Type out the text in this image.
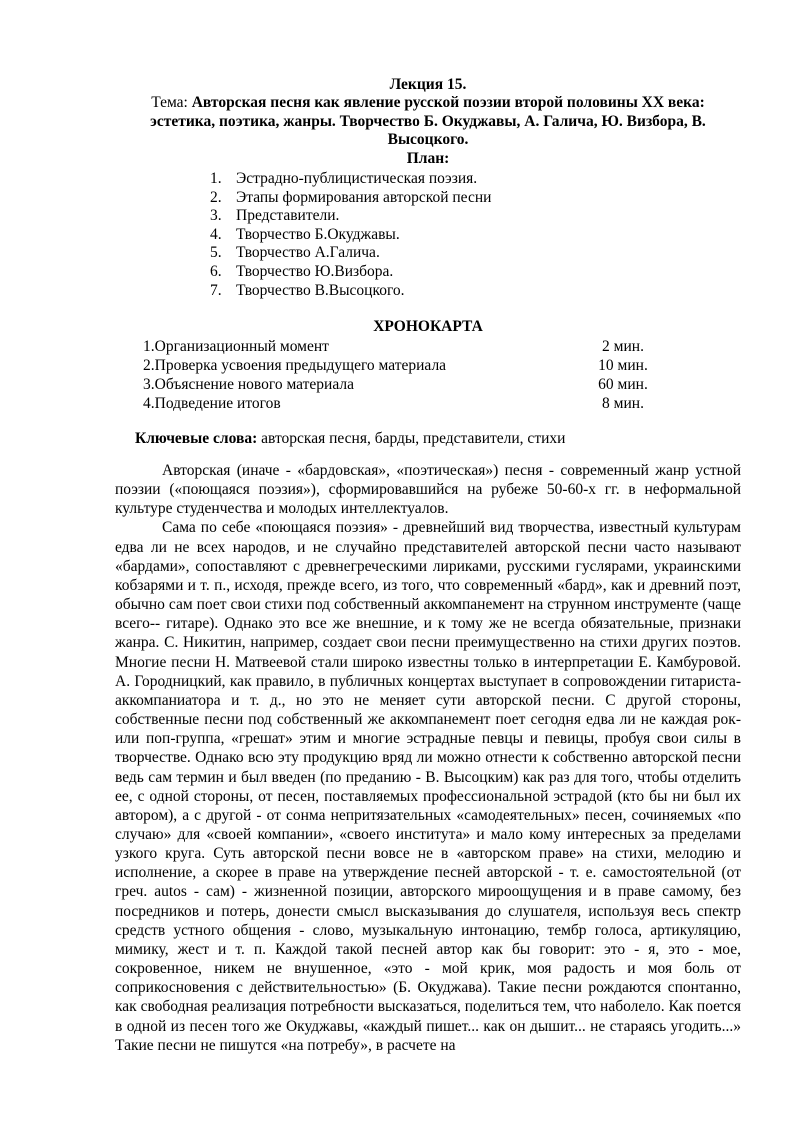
Лекция 15.
Тема: Авторская песня как явление русской поэзии второй половины XX века: эстетика, поэтика, жанры. Творчество Б. Окуджавы, А. Галича, Ю. Визбора, В. Высоцкого.
План:
1. Эстрадно-публицистическая поэзия.
2. Этапы формирования авторской песни
3. Представители.
4. Творчество Б.Окуджавы.
5. Творчество А.Галича.
6. Творчество Ю.Визбора.
7. Творчество В.Высоцкого.
ХРОНОКАРТА
1.Организационный момент	2 мин.
2.Проверка усвоения предыдущего материала	10 мин.
3.Объяснение нового материала	60 мин.
4.Подведение итогов	8 мин.
Ключевые слова: авторская песня, барды, представители, стихи

Авторская (иначе - «бардовская», «поэтическая») песня - современный жанр устной поэзии («поющаяся поэзия»), сформировавшийся на рубеже 50-60-х гг. в неформальной культуре студенчества и молодых интеллектуалов.

Сама по себе «поющаяся поэзия» - древнейший вид творчества, известный культурам едва ли не всех народов, и не случайно представителей авторской песни часто называют «бардами», сопоставляют с древнегреческими лириками, русскими гуслярами, украинскими кобзарями и т. п., исходя, прежде всего, из того, что современный «бард», как и древний поэт, обычно сам поет свои стихи под собственный аккомпанемент на струнном инструменте (чаще всего-- гитаре). Однако это все же внешние, и к тому же не всегда обязательные, признаки жанра. С. Никитин, например, создает свои песни преимущественно на стихи других поэтов. Многие песни Н. Матвеевой стали широко известны только в интерпретации Е. Камбуровой. А. Городницкий, как правило, в публичных концертах выступает в сопровождении гитариста-аккомпаниатора и т. д., но это не меняет сути авторской песни. С другой стороны, собственные песни под собственный же аккомпанемент поет сегодня едва ли не каждая рок- или поп-группа, «грешат» этим и многие эстрадные певцы и певицы, пробуя свои силы в творчестве. Однако всю эту продукцию вряд ли можно отнести к собственно авторской песни ведь сам термин и был введен (по преданию - В. Высоцким) как раз для того, чтобы отделить ее, с одной стороны, от песен, поставляемых профессиональной эстрадой (кто бы ни был их автором), а с другой - от сонма непритязательных «самодеятельных» песен, сочиняемых «по случаю» для «своей компании», «своего института» и мало кому интересных за пределами узкого круга. Суть авторской песни вовсе не в «авторском праве» на стихи, мелодию и исполнение, а скорее в праве на утверждение песней авторской - т. е. самостоятельной (от греч. autos - сам) - жизненной позиции, авторского мироощущения и в праве самому, без посредников и потерь, донести смысл высказывания до слушателя, используя весь спектр средств устного общения - слово, музыкальную интонацию, тембр голоса, артикуляцию, мимику, жест и т. п. Каждой такой песней автор как бы говорит: это - я, это - мое, сокровенное, никем не внушенное, «это - мой крик, моя радость и моя боль от соприкосновения с действительностью» (Б. Окуджава). Такие песни рождаются спонтанно, как свободная реализация потребности высказаться, поделиться тем, что наболело. Как поется в одной из песен того же Окуджавы, «каждый пишет... как он дышит... не стараясь угодить...» Такие песни не пишутся «на потребу», в расчете на
